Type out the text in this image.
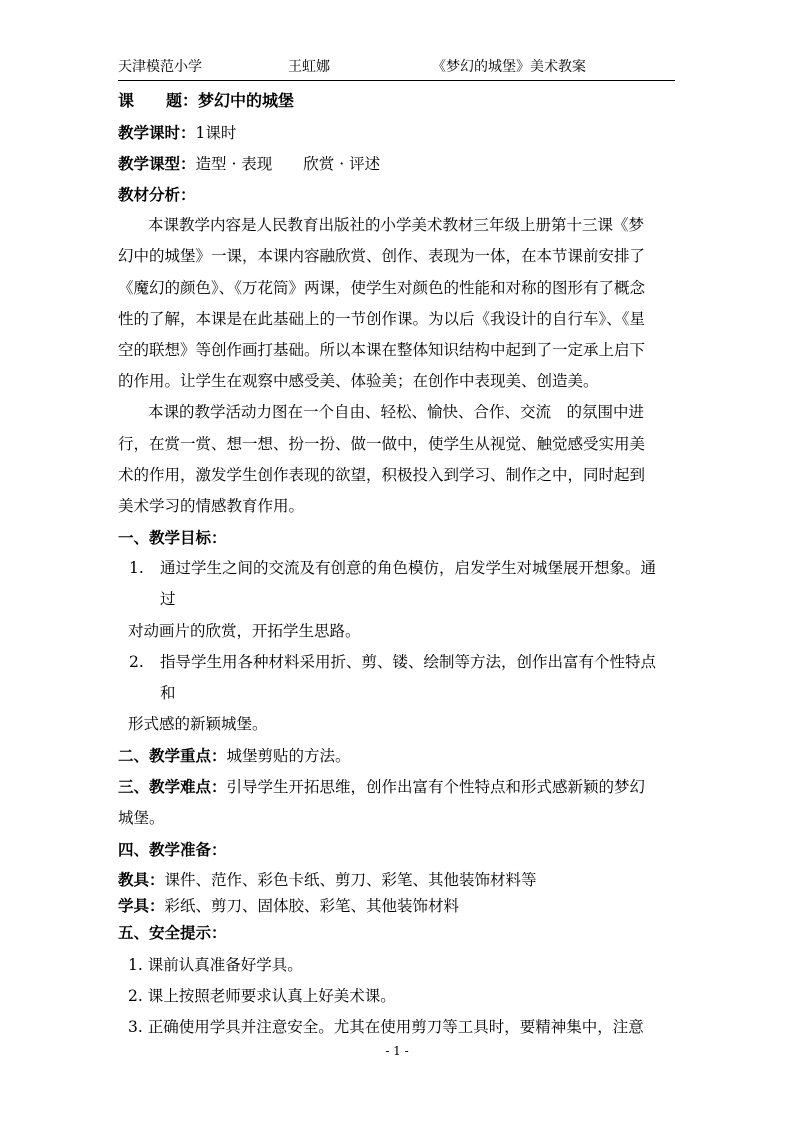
天津模范小学	王虹娜	《梦幻的城堡》美术教案
课　　题：梦幻中的城堡
教学课时：1课时
教学课型：造型 · 表现　　欣赏 · 评述
教材分析：
本课教学内容是人民教育出版社的小学美术教材三年级上册第十三课《梦
幻中的城堡》一课，本课内容融欣赏、创作、表现为一体，在本节课前安排了
《魔幻的颜色》、《万花筒》两课，使学生对颜色的性能和对称的图形有了概念
性的了解，本课是在此基础上的一节创作课。为以后《我设计的自行车》、《星
空的联想》等创作画打基础。所以本课在整体知识结构中起到了一定承上启下
的作用。让学生在观察中感受美、体验美；在创作中表现美、创造美。
本课的教学活动力图在一个自由、轻松、愉快、合作、交流　的氛围中进
行，在赏一赏、想一想、扮一扮、做一做中，使学生从视觉、触觉感受实用美
术的作用，激发学生创作表现的欲望，积极投入到学习、制作之中，同时起到
美术学习的情感教育作用。
一、教学目标：
1. 通过学生之间的交流及有创意的角色模仿，启发学生对城堡展开想象。通
过
对动画片的欣赏，开拓学生思路。
2. 指导学生用各种材料采用折、剪、镂、绘制等方法，创作出富有个性特点
和
形式感的新颖城堡。
二、教学重点：城堡剪贴的方法。
三、教学难点：引导学生开拓思维，创作出富有个性特点和形式感新颖的梦幻
城堡。
四、教学准备：
教具：课件、范作、彩色卡纸、剪刀、彩笔、其他装饰材料等
学具：彩纸、剪刀、固体胶、彩笔、其他装饰材料
五、安全提示：
1. 课前认真准备好学具。
2. 课上按照老师要求认真上好美术课。
3. 正确使用学具并注意安全。尤其在使用剪刀等工具时，要精神集中，注意
- 1 -
